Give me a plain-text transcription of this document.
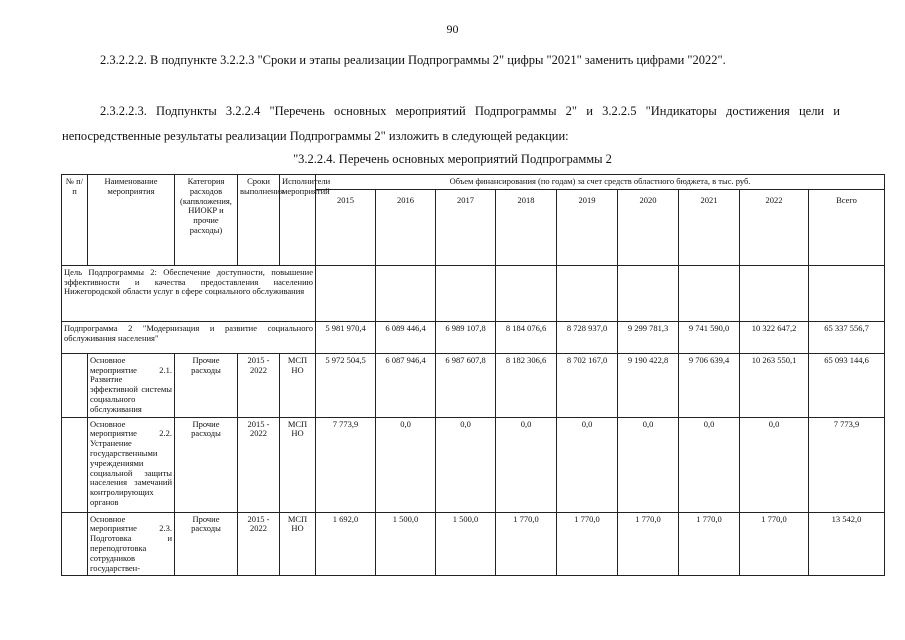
90

2.3.2.2.2. В подпункте 3.2.2.3 "Сроки и этапы реализации Подпрограммы 2" цифры "2021" заменить цифрами "2022".

2.3.2.2.3. Подпункты 3.2.2.4 "Перечень основных мероприятий Подпрограммы 2" и 3.2.2.5 "Индикаторы достижения цели и непосредственные результаты реализации Подпрограммы 2" изложить в следующей редакции:

"3.2.2.4. Перечень основных мероприятий Подпрограммы 2
№ п/п	Наименование мероприятия	Категория расходов (капвложения, НИОКР и прочие расходы)	Сроки выполнения	Исполнители мероприятий	Объем финансирования (по годам) за счет средств областного бюджета, в тыс. руб.								
					2015	2016	2017	2018	2019	2020	2021	2022	Всего
Цель Подпрограммы 2: Обеспечение доступности, повышение эффективности и качества предоставления населению Нижегородской области услуг в сфере социального обслуживания													
Подпрограмма 2 "Модернизация и развитие социального обслуживания населения"					5 981 970,4	6 089 446,4	6 989 107,8	8 184 076,6	8 728 937,0	9 299 781,3	9 741 590,0	10 322 647,2	65 337 556,7
	Основное мероприятие 2.1. Развитие эффективной системы социального обслуживания	Прочие расходы	2015 - 2022	МСП НО	5 972 504,5	6 087 946,4	6 987 607,8	8 182 306,6	8 702 167,0	9 190 422,8	9 706 639,4	10 263 550,1	65 093 144,6
	Основное мероприятие 2.2. Устранение государственными учреждениями социальной защиты населения замечаний контролирующих органов	Прочие расходы	2015 - 2022	МСП НО	7 773,9	0,0	0,0	0,0	0,0	0,0	0,0	0,0	7 773,9
	Основное мероприятие 2.3. Подготовка и переподготовка сотрудников государствен-	Прочие расходы	2015 - 2022	МСП НО	1 692,0	1 500,0	1 500,0	1 770,0	1 770,0	1 770,0	1 770,0	1 770,0	13 542,0
